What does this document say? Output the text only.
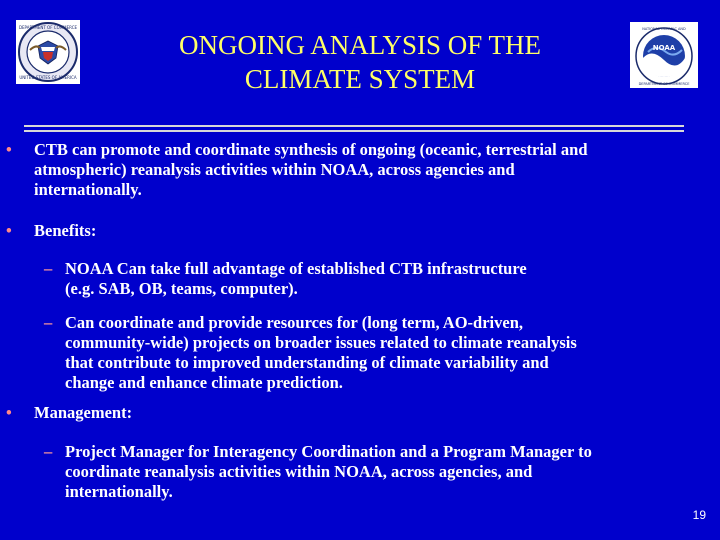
DEPARTMENT OF COMMERCE
UNITED STATES OF AMERICA
NOAA
NATIONAL OCEANIC AND
DEPARTMENT OF COMMERCE
ONGOING ANALYSIS OF THE
CLIMATE SYSTEM
• CTB can promote and coordinate synthesis of ongoing (oceanic, terrestrial and
atmospheric) reanalysis activities within NOAA, across agencies and
internationally.
• Benefits:
– NOAA Can take full advantage of established CTB infrastructure
(e.g. SAB, OB, teams, computer).
– Can coordinate and provide resources for (long term, AO-driven,
community-wide) projects on broader issues related to climate reanalysis
that contribute to improved understanding of climate variability and
change and enhance climate prediction.
• Management:
– Project Manager for Interagency Coordination and a Program Manager to
coordinate reanalysis activities within NOAA, across agencies, and
internationally.
19
